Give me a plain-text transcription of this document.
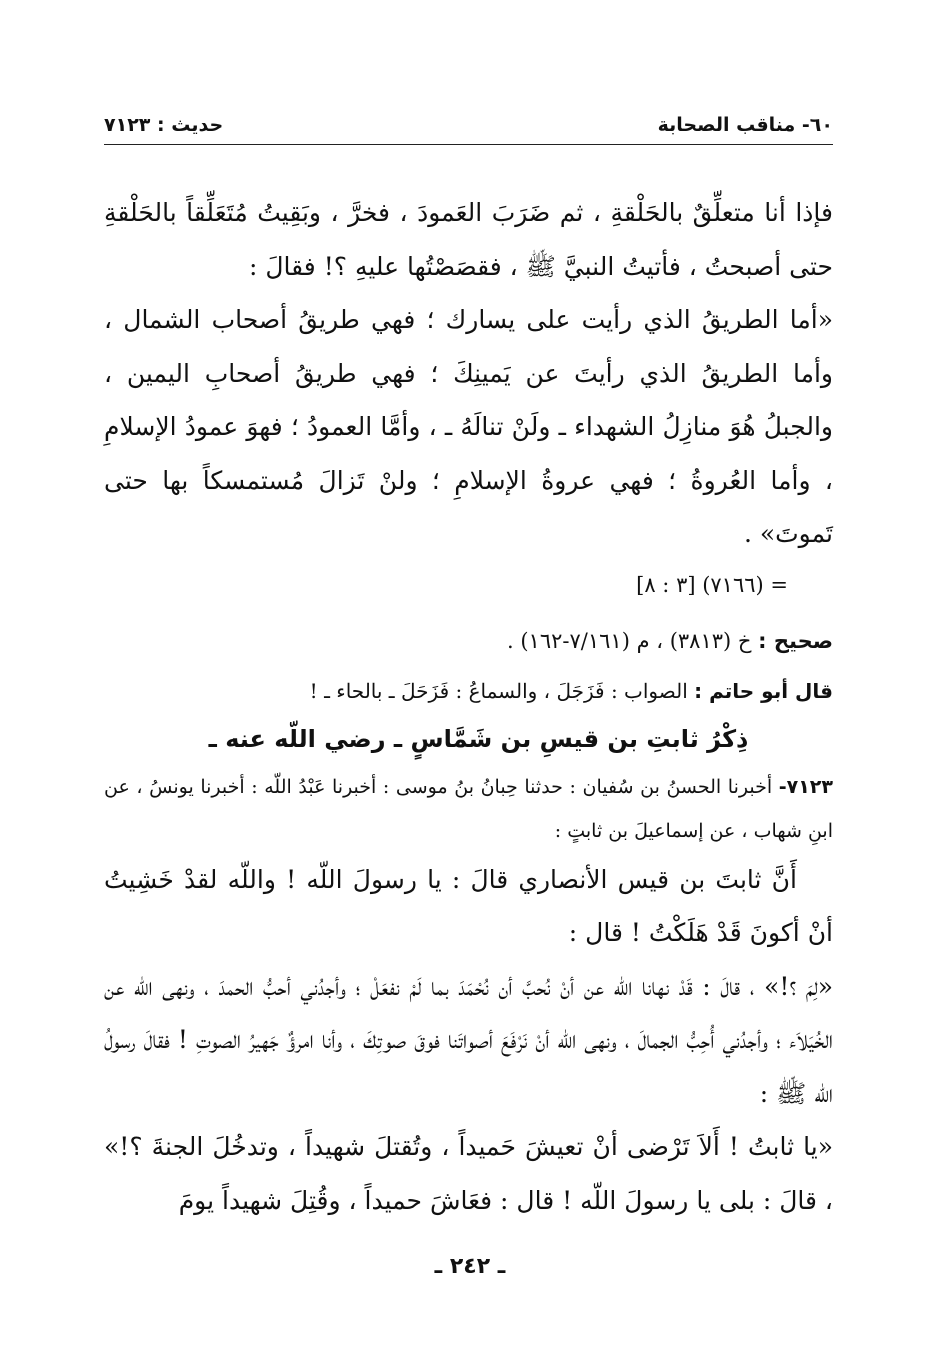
٦٠- مناقب الصحابة
حديث : ٧١٢٣

فإذا أنا متعلِّقٌ بالحَلْقةِ ، ثم ضَرَبَ العَمودَ ، فخرَّ ، وبَقِيتُ مُتَعَلِّقاً بالحَلْقةِ حتى أصبحتُ ، فأتيتُ النبيَّ ﷺ ، فقصَصْتُها عليهِ ؟! فقالَ :

«أما الطريقُ الذي رأيت على يسارك ؛ فهي طريقُ أصحاب الشمال ، وأما الطريقُ الذي رأيتَ عن يَمينِكَ ؛ فهي طريقُ أصحابِ اليمين ، والجبلُ هُوَ منازِلُ الشهداء ـ ولَنْ تنالَهُ ـ ، وأمَّا العمودُ ؛ فهوَ عمودُ الإسلامِ ، وأما العُروةُ ؛ فهي عروةُ الإسلامِ ؛ ولنْ تَزالَ مُستمسكاً بها حتى تَموتَ» .

= (٧١٦٦) [٣ : ٨]

صحيح : خ (٣٨١٣) ، م (٧/١٦١-١٦٢) .

قال أبو حاتم : الصواب : فَزَجَلَ ، والسماعُ : فَزَحَلَ ـ بالحاء ـ !

ذِكْرُ ثابتِ بن قيسِ بن شَمَّاسٍ ـ رضي اللّه عنه ـ

٧١٢٣- أخبرنا الحسنُ بن سُفيان : حدثنا حِبانُ بنُ موسى : أخبرنا عَبْدُ اللّه : أخبرنا يونسُ ، عن ابنِ شهاب ، عن إسماعيلَ بن ثابتٍ :

أَنَّ ثابتَ بن قيس الأنصاري قالَ : يا رسولَ اللّه ! واللّه لقدْ خَشِيتُ أنْ أكونَ قَدْ هَلَكْتُ ! قال :

«لِمَ ؟!» ، قالَ : قَدْ نهانا اللّه عن أنْ نُحبَّ أن نُحْمَدَ بما لَمْ نفعَلْ ؛ وأجدُني أحبُّ الحمدَ ، ونهى اللّه عن الخُيَلاَء ؛ وأجدُني أُحِبُّ الجمالَ ، ونهى اللّه أنْ نَرْفَعَ أصواتَنا فوقَ صوتِكَ ، وأنا امرؤٌ جَهيرُ الصوتِ ! فقالَ رسولُ اللّه ﷺ :

«يا ثابتُ ! أَلاَ تَرْضى أنْ تعيشَ حَميداً ، وتُقتلَ شهيداً ، وتدخُلَ الجنةَ ؟!» ، قالَ : بلى يا رسولَ اللّه ! قال : فعَاشَ حميداً ، وقُتِلَ شهيداً يومَ

ـ ٢٤٢ ـ
